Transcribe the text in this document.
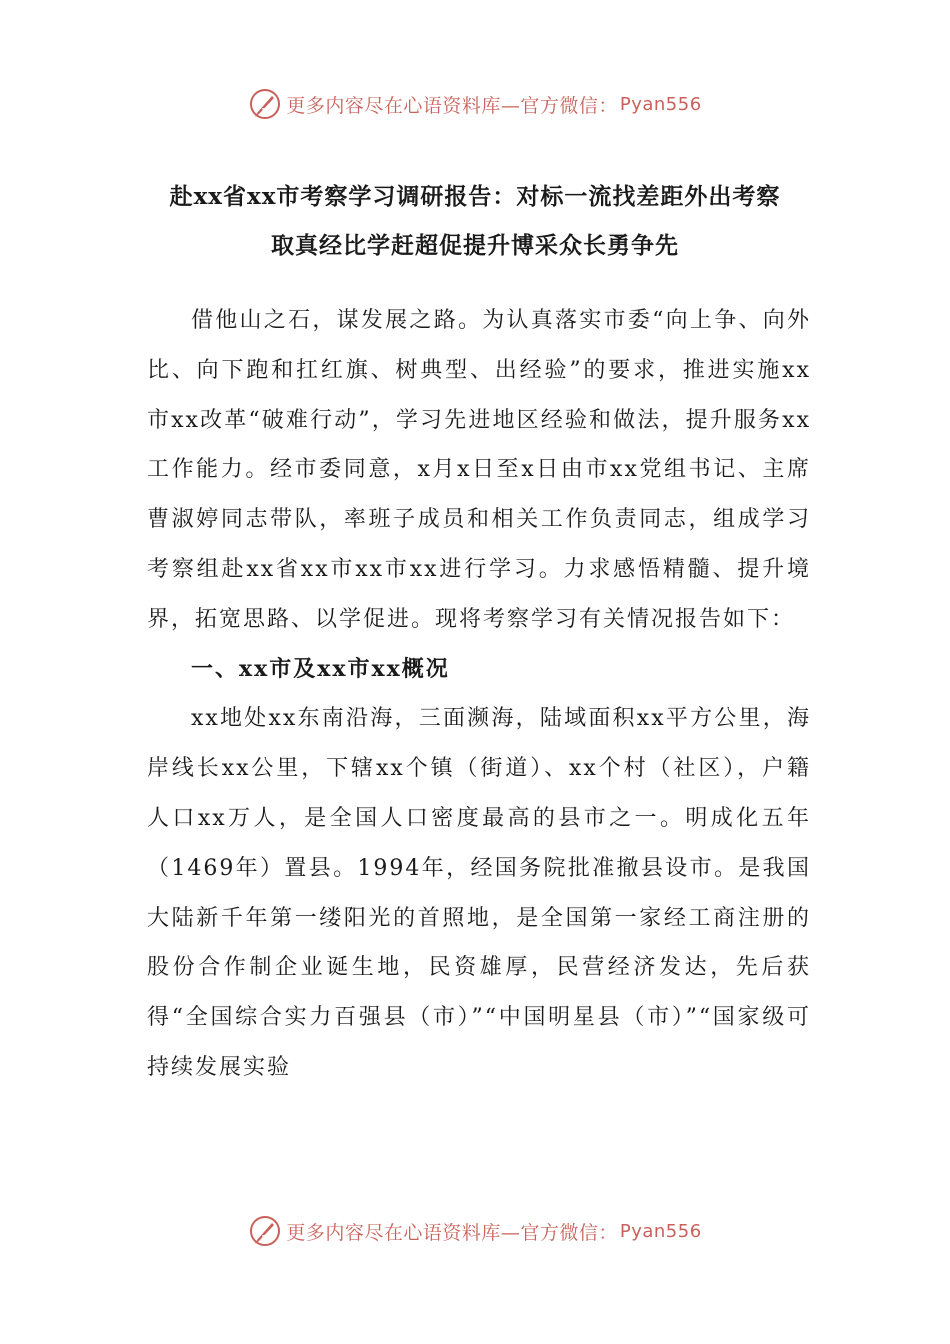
更多内容尽在心语资料库—官方微信： Pyan556
赴xx省xx市考察学习调研报告：对标一流找差距外出考察
取真经比学赶超促提升博采众长勇争先

借他山之石，谋发展之路。为认真落实市委“向上争、向外比、向下跑和扛红旗、树典型、出经验”的要求，推进实施xx市xx改革“破难行动”，学习先进地区经验和做法，提升服务xx工作能力。经市委同意，x月x日至x日由市xx党组书记、主席曹淑婷同志带队，率班子成员和相关工作负责同志，组成学习考察组赴xx省xx市xx市xx进行学习。力求感悟精髓、提升境界，拓宽思路、以学促进。现将考察学习有关情况报告如下：

一、xx市及xx市xx概况

xx地处xx东南沿海，三面濒海，陆域面积xx平方公里，海岸线长xx公里，下辖xx个镇（街道）、xx个村（社区），户籍人口xx万人，是全国人口密度最高的县市之一。明成化五年（1469年）置县。1994年，经国务院批准撤县设市。是我国大陆新千年第一缕阳光的首照地，是全国第一家经工商注册的股份合作制企业诞生地，民资雄厚，民营经济发达，先后获得“全国综合实力百强县（市）”“中国明星县（市）”“国家级可持续发展实验

更多内容尽在心语资料库—官方微信： Pyan556
